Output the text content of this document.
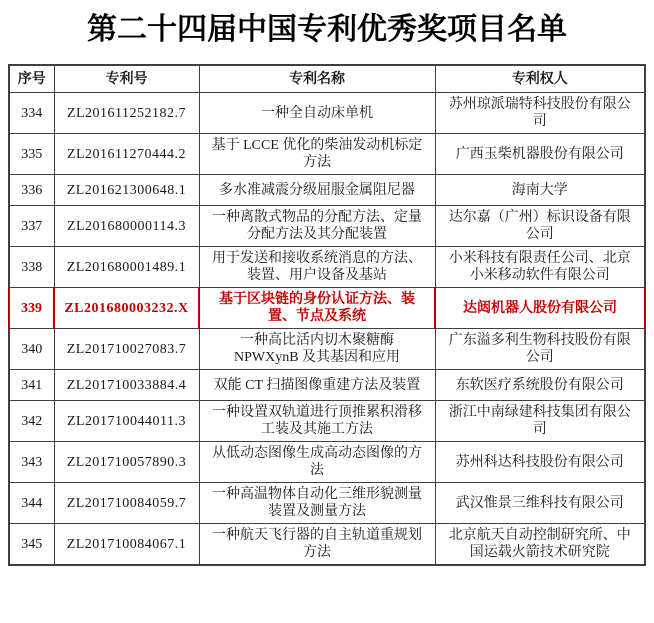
第二十四届中国专利优秀奖项目名单
序号	专利号	专利名称	专利权人
334	ZL201611252182.7	一种全自动床单机	苏州琼派瑞特科技股份有限公司
335	ZL201611270444.2	基于 LCCE 优化的柴油发动机标定方法	广西玉柴机器股份有限公司
336	ZL201621300648.1	多水准减震分级屈服金属阻尼器	海南大学
337	ZL201680000114.3	一种离散式物品的分配方法、定量分配方法及其分配装置	达尔嘉（广州）标识设备有限公司
338	ZL201680001489.1	用于发送和接收系统消息的方法、装置、用户设备及基站	小米科技有限责任公司、北京小米移动软件有限公司
339	ZL201680003232.X	基于区块链的身份认证方法、装置、节点及系统	达闼机器人股份有限公司
340	ZL201710027083.7	一种高比活内切木聚糖酶 NPWXynB 及其基因和应用	广东溢多利生物科技股份有限公司
341	ZL201710033884.4	双能 CT 扫描图像重建方法及装置	东软医疗系统股份有限公司
342	ZL201710044011.3	一种设置双轨道进行顶推累积滑移工装及其施工方法	浙江中南绿建科技集团有限公司
343	ZL201710057890.3	从低动态图像生成高动态图像的方法	苏州科达科技股份有限公司
344	ZL201710084059.7	一种高温物体自动化三维形貌测量装置及测量方法	武汉惟景三维科技有限公司
345	ZL201710084067.1	一种航天飞行器的自主轨道重规划方法	北京航天自动控制研究所、中国运载火箭技术研究院
